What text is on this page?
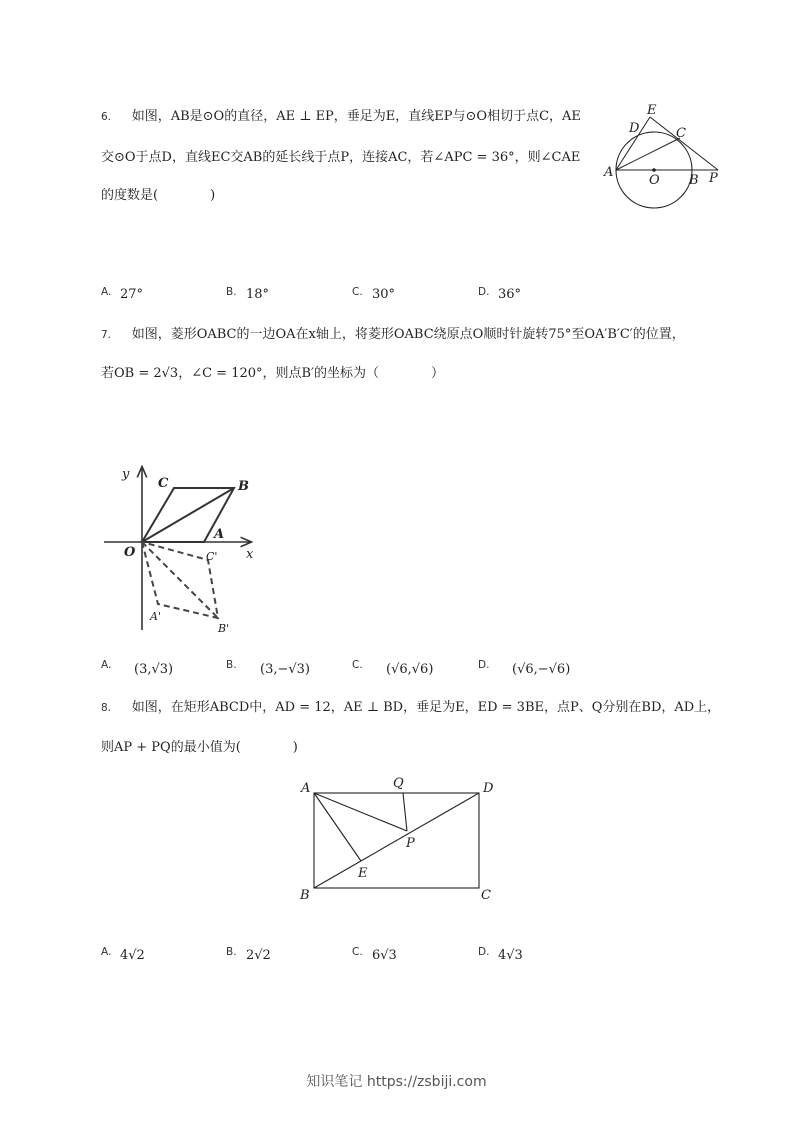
6. 如图，AB是⊙O的直径，AE ⊥ EP，垂足为E，直线EP与⊙O相切于点C，AE
交⊙O于点D，直线EC交AB的延长线于点P，连接AC，若∠APC = 36°，则∠CAE
的度数是(　　　　)
E
D	C
A
O B P
A. 27°	B. 18°	C. 30°	D. 36°
7. 如图，菱形OABC的一边OA在x轴上，将菱形OABC绕原点O顺时针旋转75°至OA′B′C′的位置，
若OB = 2√3，∠C = 120°，则点B′的坐标为（　　　　）
y
x
C	B
A
O	C'
A'
B'
A. (3,√3)	B. (3,−√3)	C. (√6,√6)	D. (√6,−√6)
8. 如图，在矩形ABCD中，AD = 12，AE ⊥ BD，垂足为E，ED = 3BE，点P、Q分别在BD，AD上，
则AP + PQ的最小值为(　　　　)
A	Q	D
P
E
B	C
A. 4√2	B. 2√2	C. 6√3	D. 4√3
知识笔记 https://zsbiji.com
